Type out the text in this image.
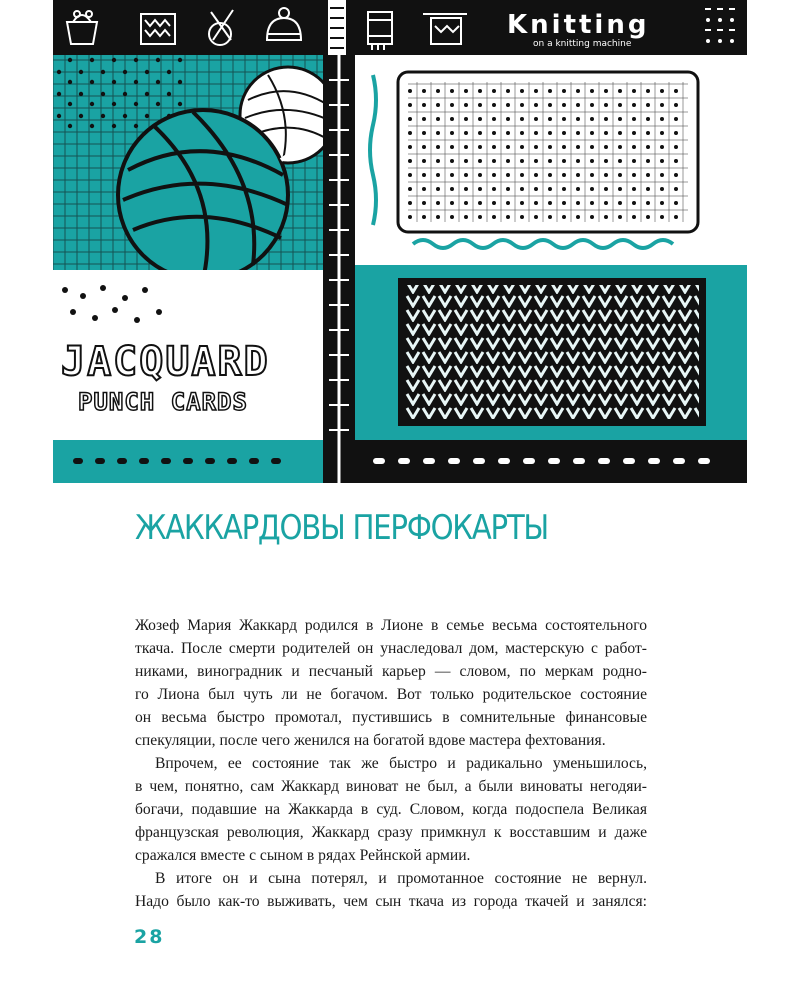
Knitting
on a knitting machine
JACQUARD
PUNCH CARDS
ЖАККАРДОВЫ ПЕРФОКАРТЫ

Жозеф Мария Жаккард родился в Лионе в семье весьма состоятельного

ткача. После смерти родителей он унаследовал дом, мастерскую с работ-

никами, виноградник и песчаный карьер — словом, по меркам родно-

го Лиона был чуть ли не богачом. Вот только родительское состояние

он весьма быстро промотал, пустившись в сомнительные финансовые

спекуляции, после чего женился на богатой вдове мастера фехтования.

Впрочем, ее состояние так же быстро и радикально уменьшилось,

в чем, понятно, сам Жаккард виноват не был, а были виноваты негодяи-

богачи, подавшие на Жаккарда в суд. Словом, когда подоспела Великая

французская революция, Жаккард сразу примкнул к восставшим и даже

сражался вместе с сыном в рядах Рейнской армии.

В итоге он и сына потерял, и промотанное состояние не вернул.

Надо было как-то выживать, чем сын ткача из города ткачей и занялся:

28
